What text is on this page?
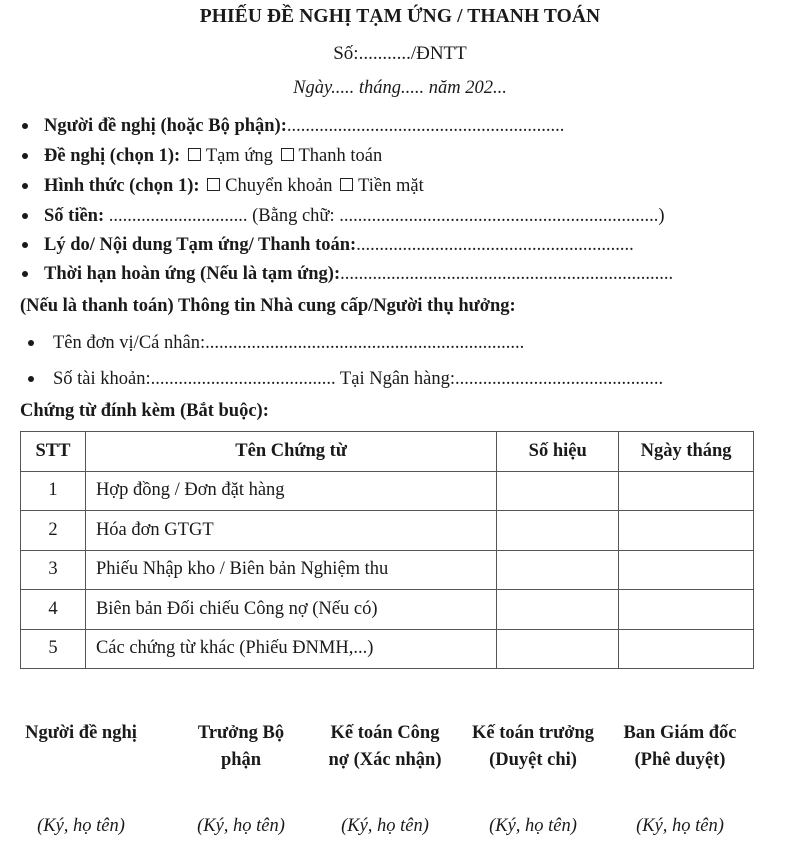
PHIẾU ĐỀ NGHỊ TẠM ỨNG / THANH TOÁN
Số:.........../ĐNTT
Ngày..... tháng..... năm 202...
Người đề nghị (hoặc Bộ phận):............................................................
Đề nghị (chọn 1): Tạm ứng Thanh toán
Hình thức (chọn 1): Chuyển khoản Tiền mặt
Số tiền: .............................. (Bằng chữ: .....................................................................)
Lý do/ Nội dung Tạm ứng/ Thanh toán:............................................................
Thời hạn hoàn ứng (Nếu là tạm ứng):........................................................................
(Nếu là thanh toán) Thông tin Nhà cung cấp/Người thụ hưởng:
Tên đơn vị/Cá nhân:.....................................................................
Số tài khoản:........................................ Tại Ngân hàng:.............................................
Chứng từ đính kèm (Bắt buộc):
STT	Tên Chứng từ	Số hiệu	Ngày tháng
1	Hợp đồng / Đơn đặt hàng		
2	Hóa đơn GTGT		
3	Phiếu Nhập kho / Biên bản Nghiệm thu		
4	Biên bản Đối chiếu Công nợ (Nếu có)		
5	Các chứng từ khác (Phiếu ĐNMH,...)		
Người đề nghị
(Ký, họ tên)
Trưởng Bộ phận
(Ký, họ tên)
Kế toán Công nợ (Xác nhận)
(Ký, họ tên)
Kế toán trưởng (Duyệt chi)
(Ký, họ tên)
Ban Giám đốc (Phê duyệt)
(Ký, họ tên)
